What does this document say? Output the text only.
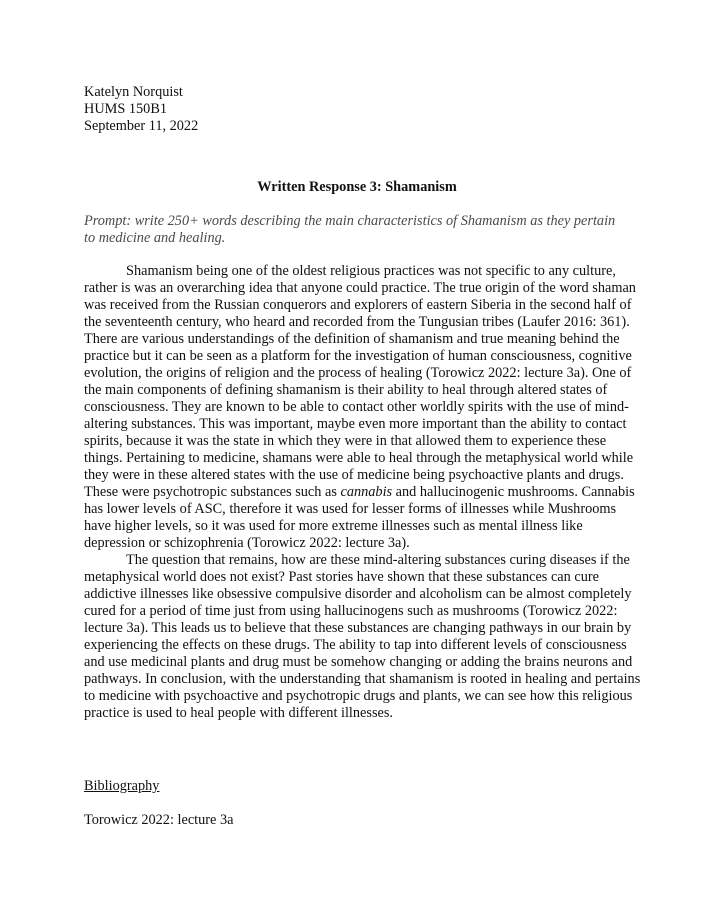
Katelyn Norquist
HUMS 150B1
September 11, 2022
Written Response 3: Shamanism
Prompt: write 250+ words describing the main characteristics of Shamanism as they pertain
to medicine and healing.
Shamanism being one of the oldest religious practices was not specific to any culture,
rather is was an overarching idea that anyone could practice. The true origin of the word shaman
was received from the Russian conquerors and explorers of eastern Siberia in the second half of
the seventeenth century, who heard and recorded from the Tungusian tribes (Laufer 2016: 361).
There are various understandings of the definition of shamanism and true meaning behind the
practice but it can be seen as a platform for the investigation of human consciousness, cognitive
evolution, the origins of religion and the process of healing (Torowicz 2022: lecture 3a). One of
the main components of defining shamanism is their ability to heal through altered states of
consciousness. They are known to be able to contact other worldly spirits with the use of mind-
altering substances. This was important, maybe even more important than the ability to contact
spirits, because it was the state in which they were in that allowed them to experience these
things. Pertaining to medicine, shamans were able to heal through the metaphysical world while
they were in these altered states with the use of medicine being psychoactive plants and drugs.
These were psychotropic substances such as cannabis and hallucinogenic mushrooms. Cannabis
has lower levels of ASC, therefore it was used for lesser forms of illnesses while Mushrooms
have higher levels, so it was used for more extreme illnesses such as mental illness like
depression or schizophrenia (Torowicz 2022: lecture 3a).
The question that remains, how are these mind-altering substances curing diseases if the
metaphysical world does not exist? Past stories have shown that these substances can cure
addictive illnesses like obsessive compulsive disorder and alcoholism can be almost completely
cured for a period of time just from using hallucinogens such as mushrooms (Torowicz 2022:
lecture 3a). This leads us to believe that these substances are changing pathways in our brain by
experiencing the effects on these drugs. The ability to tap into different levels of consciousness
and use medicinal plants and drug must be somehow changing or adding the brains neurons and
pathways. In conclusion, with the understanding that shamanism is rooted in healing and pertains
to medicine with psychoactive and psychotropic drugs and plants, we can see how this religious
practice is used to heal people with different illnesses.
Bibliography
Torowicz 2022: lecture 3a
